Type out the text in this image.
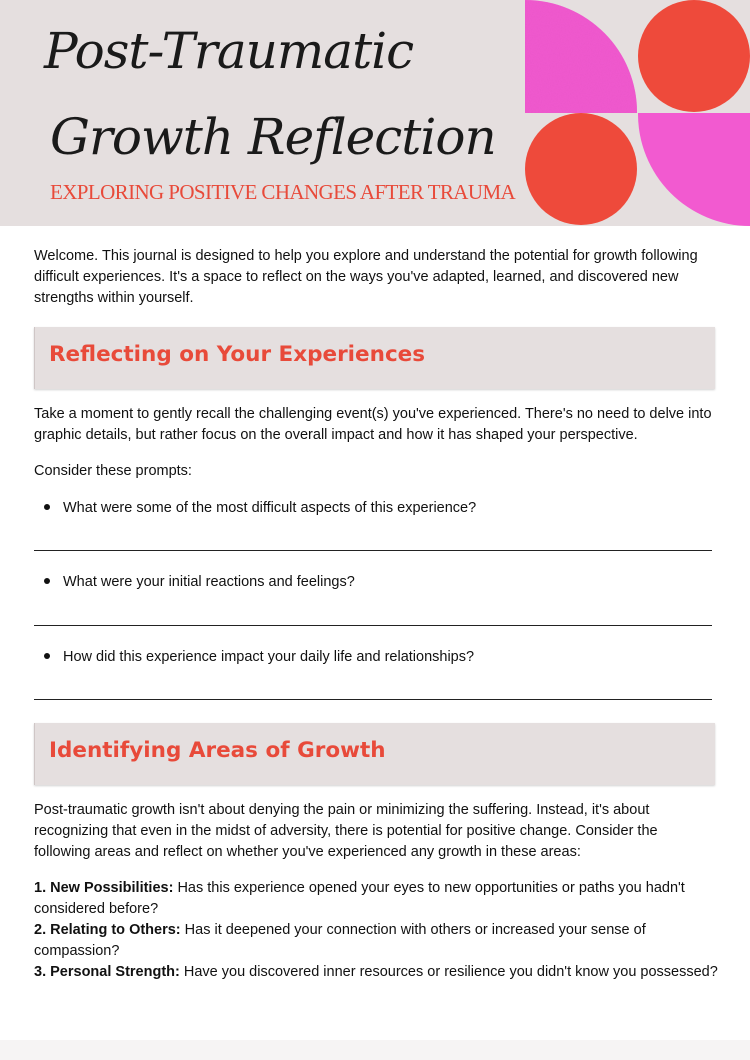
Post-Traumatic
Growth Reflection
EXPLORING POSITIVE CHANGES AFTER TRAUMA

Welcome. This journal is designed to help you explore and understand the potential for growth following difficult experiences. It's a space to reflect on the ways you've adapted, learned, and discovered new strengths within yourself.

Reflecting on Your Experiences

Take a moment to gently recall the challenging event(s) you've experienced. There's no need to delve into graphic details, but rather focus on the overall impact and how it has shaped your perspective.

Consider these prompts:

What were some of the most difficult aspects of this experience?
What were your initial reactions and feelings?
How did this experience impact your daily life and relationships?
Identifying Areas of Growth

Post-traumatic growth isn't about denying the pain or minimizing the suffering. Instead, it's about recognizing that even in the midst of adversity, there is potential for positive change. Consider the following areas and reflect on whether you've experienced any growth in these areas:

1. New Possibilities: Has this experience opened your eyes to new opportunities or paths you hadn't considered before?

2. Relating to Others: Has it deepened your connection with others or increased your sense of compassion?

3. Personal Strength: Have you discovered inner resources or resilience you didn't know you possessed?
